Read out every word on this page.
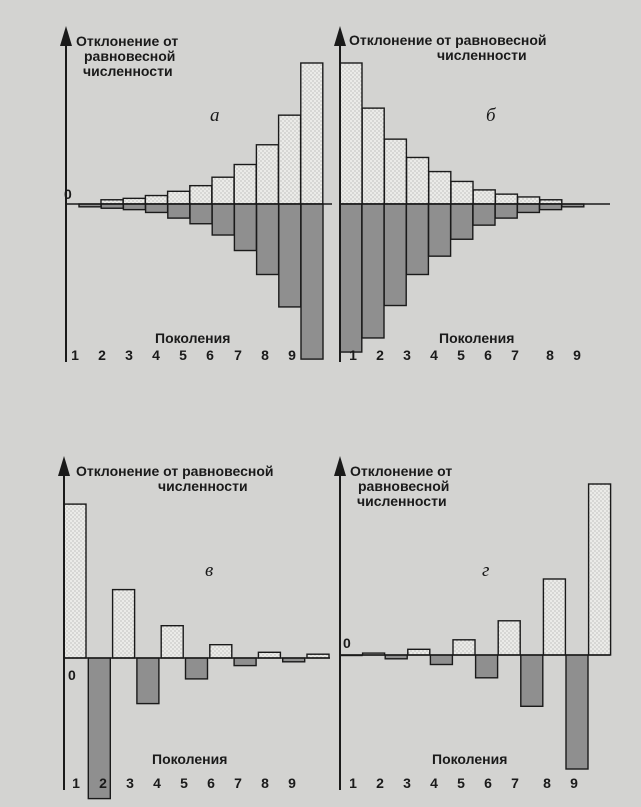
Отклонение от равновесной численности
а
0
Поколения
1 2 3 4 5 6 7 8 9
Отклонение от равновесной численности
б
Поколения
1 2 3 4 5 6 7 8 9
Отклонение от равновесной численности
в
0
Поколения
1 2 3 4 5 6 7 8 9
Отклонение от равновесной численности
г
0
Поколения
1 2 3 4 5 6 7 8 9
